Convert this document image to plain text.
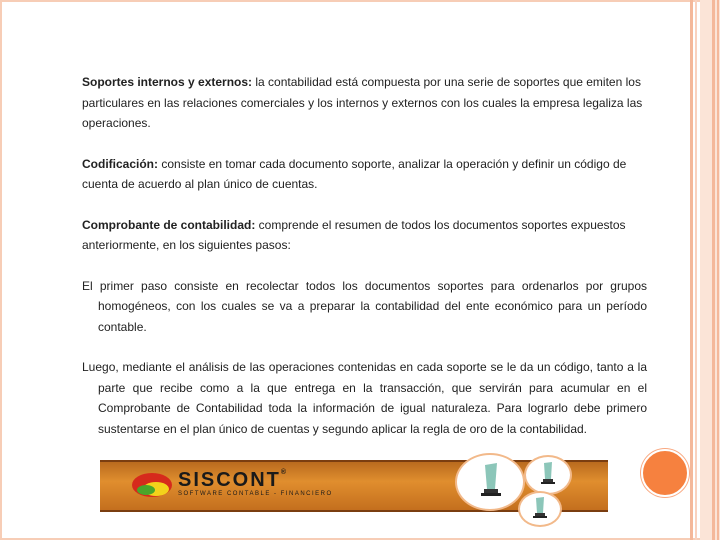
Soportes internos y externos: la contabilidad está compuesta por una serie de soportes que emiten los particulares en las relaciones comerciales y los internos y externos con los cuales la empresa legaliza las operaciones.

Codificación: consiste en tomar cada documento soporte, analizar la operación y definir un código de cuenta de acuerdo al plan único de cuentas.

Comprobante de contabilidad: comprende el resumen de todos los documentos soportes expuestos anteriormente, en los siguientes pasos:

El primer paso consiste en recolectar todos los documentos soportes para ordenarlos por grupos homogéneos, con los cuales se va a preparar la contabilidad del ente económico para un período contable.

Luego, mediante el análisis de las operaciones contenidas en cada soporte se le da un código, tanto a la parte que recibe como a la que entrega en la transacción, que servirán para acumular en el Comprobante de Contabilidad toda la información de igual naturaleza. Para lograrlo debe primero sustentarse en el plan único de cuentas y segundo aplicar la regla de oro de la contabilidad.

SISCONT®
SOFTWARE CONTABLE - FINANCIERO
